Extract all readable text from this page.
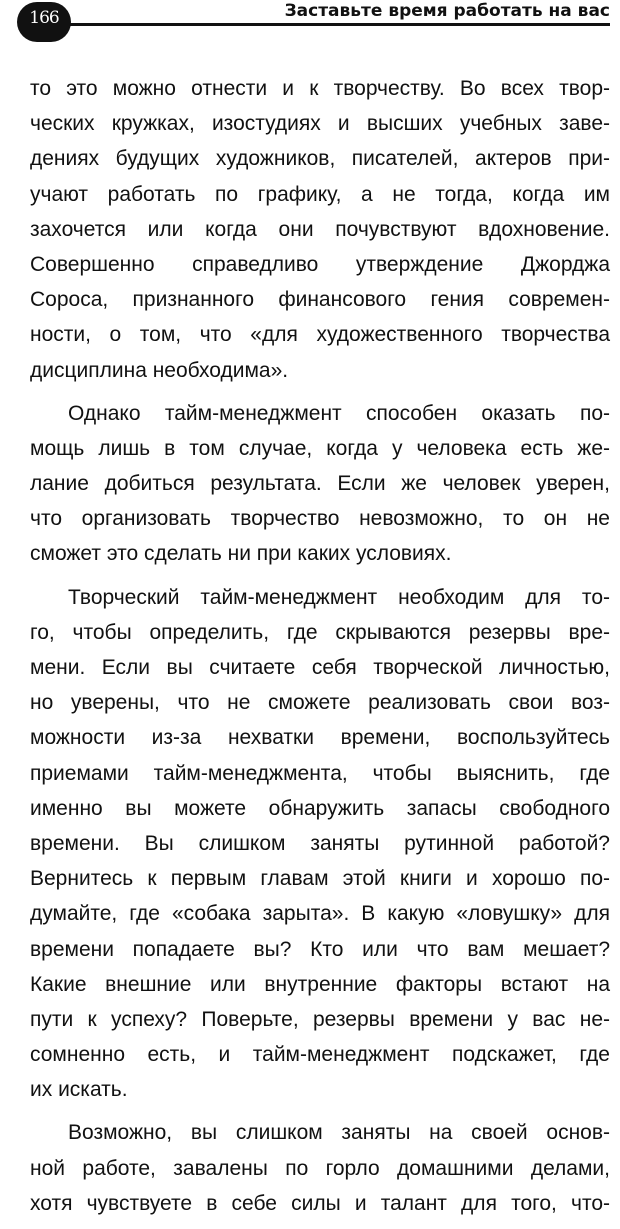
166	Заставьте время работать на вас

то это можно отнести и к творчеству. Во всех твор-
ческих кружках, изостудиях и высших учебных заве-
дениях будущих художников, писателей, актеров при-
учают работать по графику, а не тогда, когда им
захочется или когда они почувствуют вдохновение.
Совершенно справедливо утверждение Джорджа
Сороса, признанного финансового гения современ-
ности, о том, что «для художественного творчества
дисциплина необходима».

Однако тайм-менеджмент способен оказать по-
мощь лишь в том случае, когда у человека есть же-
лание добиться результата. Если же человек уверен,
что организовать творчество невозможно, то он не
сможет это сделать ни при каких условиях.

Творческий тайм-менеджмент необходим для то-
го, чтобы определить, где скрываются резервы вре-
мени. Если вы считаете себя творческой личностью,
но уверены, что не сможете реализовать свои воз-
можности из-за нехватки времени, воспользуйтесь
приемами тайм-менеджмента, чтобы выяснить, где
именно вы можете обнаружить запасы свободного
времени. Вы слишком заняты рутинной работой?
Вернитесь к первым главам этой книги и хорошо по-
думайте, где «собака зарыта». В какую «ловушку» для
времени попадаете вы? Кто или что вам мешает?
Какие внешние или внутренние факторы встают на
пути к успеху? Поверьте, резервы времени у вас не-
сомненно есть, и тайм-менеджмент подскажет, где
их искать.

Возможно, вы слишком заняты на своей основ-
ной работе, завалены по горло домашними делами,
хотя чувствуете в себе силы и талант для того, что-
